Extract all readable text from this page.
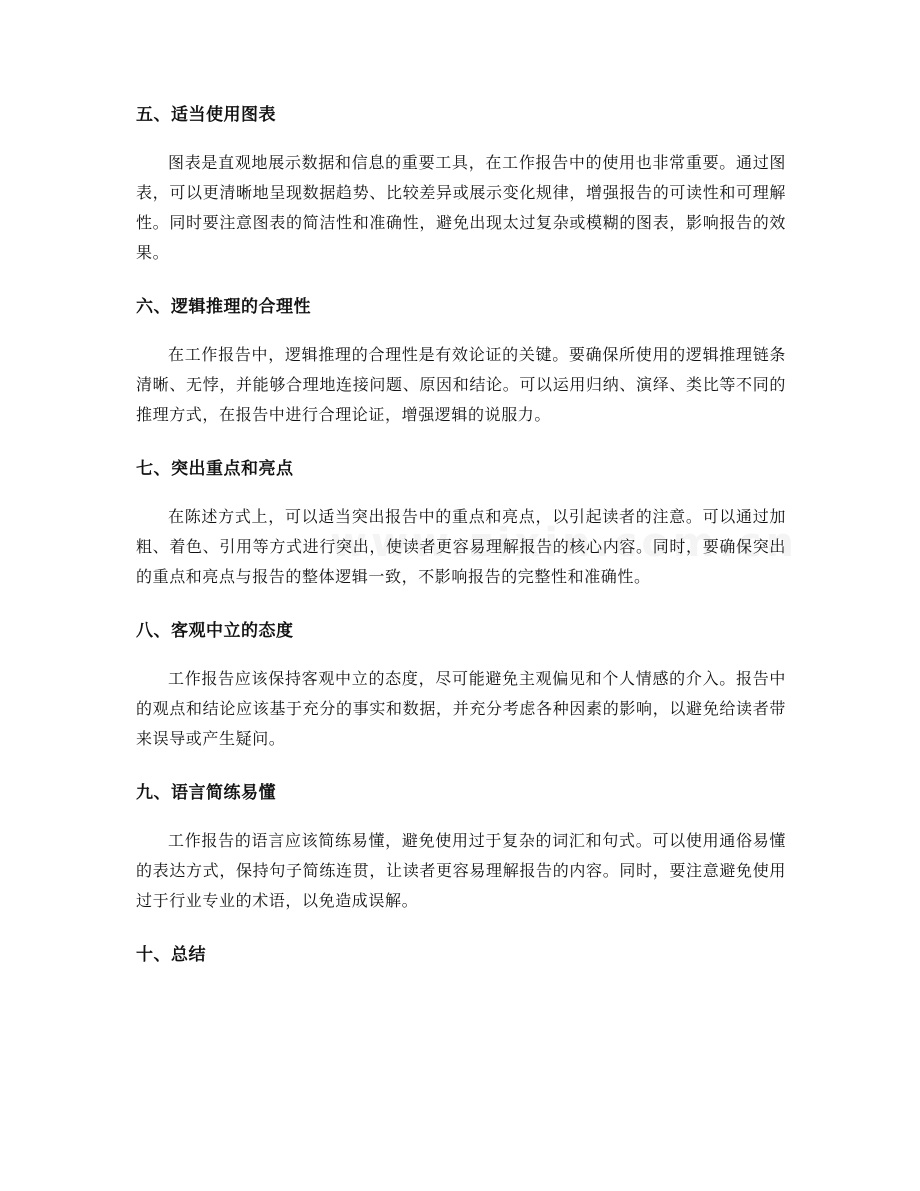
五、适当使用图表

图表是直观地展示数据和信息的重要工具，在工作报告中的使用也非常重要。通过图表，可以更清晰地呈现数据趋势、比较差异或展示变化规律，增强报告的可读性和可理解性。同时要注意图表的简洁性和准确性，避免出现太过复杂或模糊的图表，影响报告的效果。

六、逻辑推理的合理性

在工作报告中，逻辑推理的合理性是有效论证的关键。要确保所使用的逻辑推理链条清晰、无悖，并能够合理地连接问题、原因和结论。可以运用归纳、演绎、类比等不同的推理方式，在报告中进行合理论证，增强逻辑的说服力。

七、突出重点和亮点

在陈述方式上，可以适当突出报告中的重点和亮点，以引起读者的注意。可以通过加粗、着色、引用等方式进行突出，使读者更容易理解报告的核心内容。同时，要确保突出的重点和亮点与报告的整体逻辑一致，不影响报告的完整性和准确性。

八、客观中立的态度

工作报告应该保持客观中立的态度，尽可能避免主观偏见和个人情感的介入。报告中的观点和结论应该基于充分的事实和数据，并充分考虑各种因素的影响，以避免给读者带来误导或产生疑问。

九、语言简练易懂

工作报告的语言应该简练易懂，避免使用过于复杂的词汇和句式。可以使用通俗易懂的表达方式，保持句子简练连贯，让读者更容易理解报告的内容。同时，要注意避免使用过于行业专业的术语，以免造成误解。

十、总结
